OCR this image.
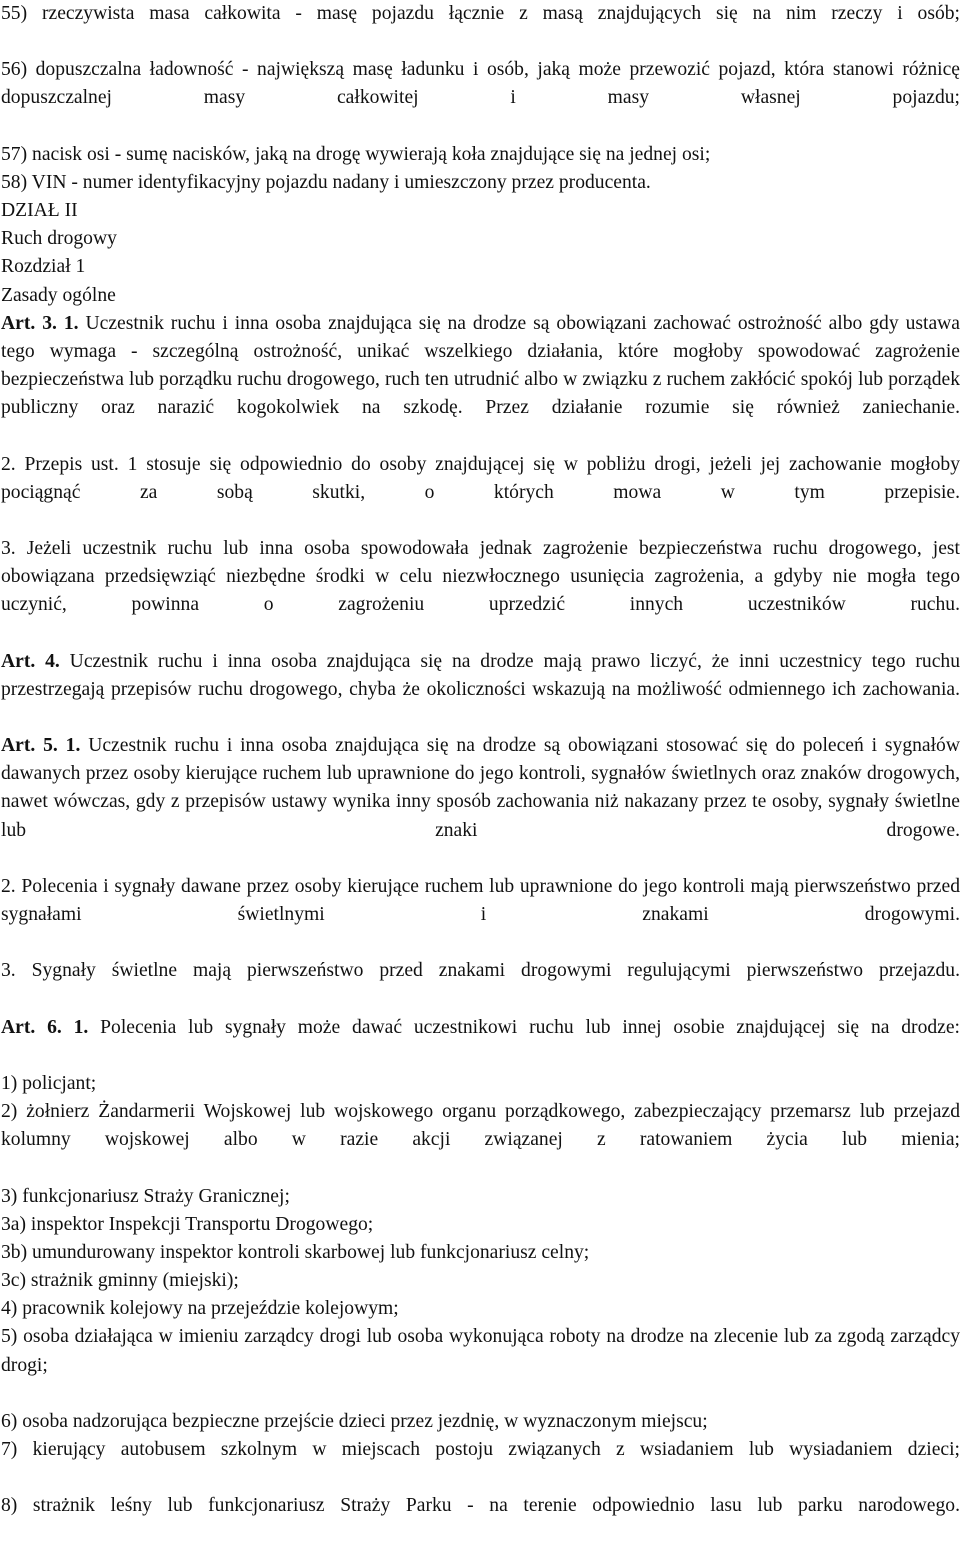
55) rzeczywista masa całkowita - masę pojazdu łącznie z masą znajdujących się na nim rzeczy i osób;

56) dopuszczalna ładowność - największą masę ładunku i osób, jaką może przewozić pojazd, która stanowi różnicę dopuszczalnej masy całkowitej i masy własnej pojazdu;

57) nacisk osi - sumę nacisków, jaką na drogę wywierają koła znajdujące się na jednej osi;

58) VIN - numer identyfikacyjny pojazdu nadany i umieszczony przez producenta.

DZIAŁ II

Ruch drogowy

Rozdział 1

Zasady ogólne

Art. 3. 1. Uczestnik ruchu i inna osoba znajdująca się na drodze są obowiązani zachować ostrożność albo gdy ustawa tego wymaga - szczególną ostrożność, unikać wszelkiego działania, które mogłoby spowodować zagrożenie bezpieczeństwa lub porządku ruchu drogowego, ruch ten utrudnić albo w związku z ruchem zakłócić spokój lub porządek publiczny oraz narazić kogokolwiek na szkodę. Przez działanie rozumie się również zaniechanie.

2. Przepis ust. 1 stosuje się odpowiednio do osoby znajdującej się w pobliżu drogi, jeżeli jej zachowanie mogłoby pociągnąć za sobą skutki, o których mowa w tym przepisie.

3. Jeżeli uczestnik ruchu lub inna osoba spowodowała jednak zagrożenie bezpieczeństwa ruchu drogowego, jest obowiązana przedsięwziąć niezbędne środki w celu niezwłocznego usunięcia zagrożenia, a gdyby nie mogła tego uczynić, powinna o zagrożeniu uprzedzić innych uczestników ruchu.

Art. 4. Uczestnik ruchu i inna osoba znajdująca się na drodze mają prawo liczyć, że inni uczestnicy tego ruchu przestrzegają przepisów ruchu drogowego, chyba że okoliczności wskazują na możliwość odmiennego ich zachowania.

Art. 5. 1. Uczestnik ruchu i inna osoba znajdująca się na drodze są obowiązani stosować się do poleceń i sygnałów dawanych przez osoby kierujące ruchem lub uprawnione do jego kontroli, sygnałów świetlnych oraz znaków drogowych, nawet wówczas, gdy z przepisów ustawy wynika inny sposób zachowania niż nakazany przez te osoby, sygnały świetlne lub znaki drogowe.

2. Polecenia i sygnały dawane przez osoby kierujące ruchem lub uprawnione do jego kontroli mają pierwszeństwo przed sygnałami świetlnymi i znakami drogowymi.

3. Sygnały świetlne mają pierwszeństwo przed znakami drogowymi regulującymi pierwszeństwo przejazdu.

Art. 6. 1. Polecenia lub sygnały może dawać uczestnikowi ruchu lub innej osobie znajdującej się na drodze:

1) policjant;

2) żołnierz Żandarmerii Wojskowej lub wojskowego organu porządkowego, zabezpieczający przemarsz lub przejazd kolumny wojskowej albo w razie akcji związanej z ratowaniem życia lub mienia;

3) funkcjonariusz Straży Granicznej;

3a) inspektor Inspekcji Transportu Drogowego;

3b) umundurowany inspektor kontroli skarbowej lub funkcjonariusz celny;

3c) strażnik gminny (miejski);

4) pracownik kolejowy na przejeździe kolejowym;

5) osoba działająca w imieniu zarządcy drogi lub osoba wykonująca roboty na drodze na zlecenie lub za zgodą zarządcy drogi;

6) osoba nadzorująca bezpieczne przejście dzieci przez jezdnię, w wyznaczonym miejscu;

7) kierujący autobusem szkolnym w miejscach postoju związanych z wsiadaniem lub wysiadaniem dzieci;

8) strażnik leśny lub funkcjonariusz Straży Parku - na terenie odpowiednio lasu lub parku narodowego.
